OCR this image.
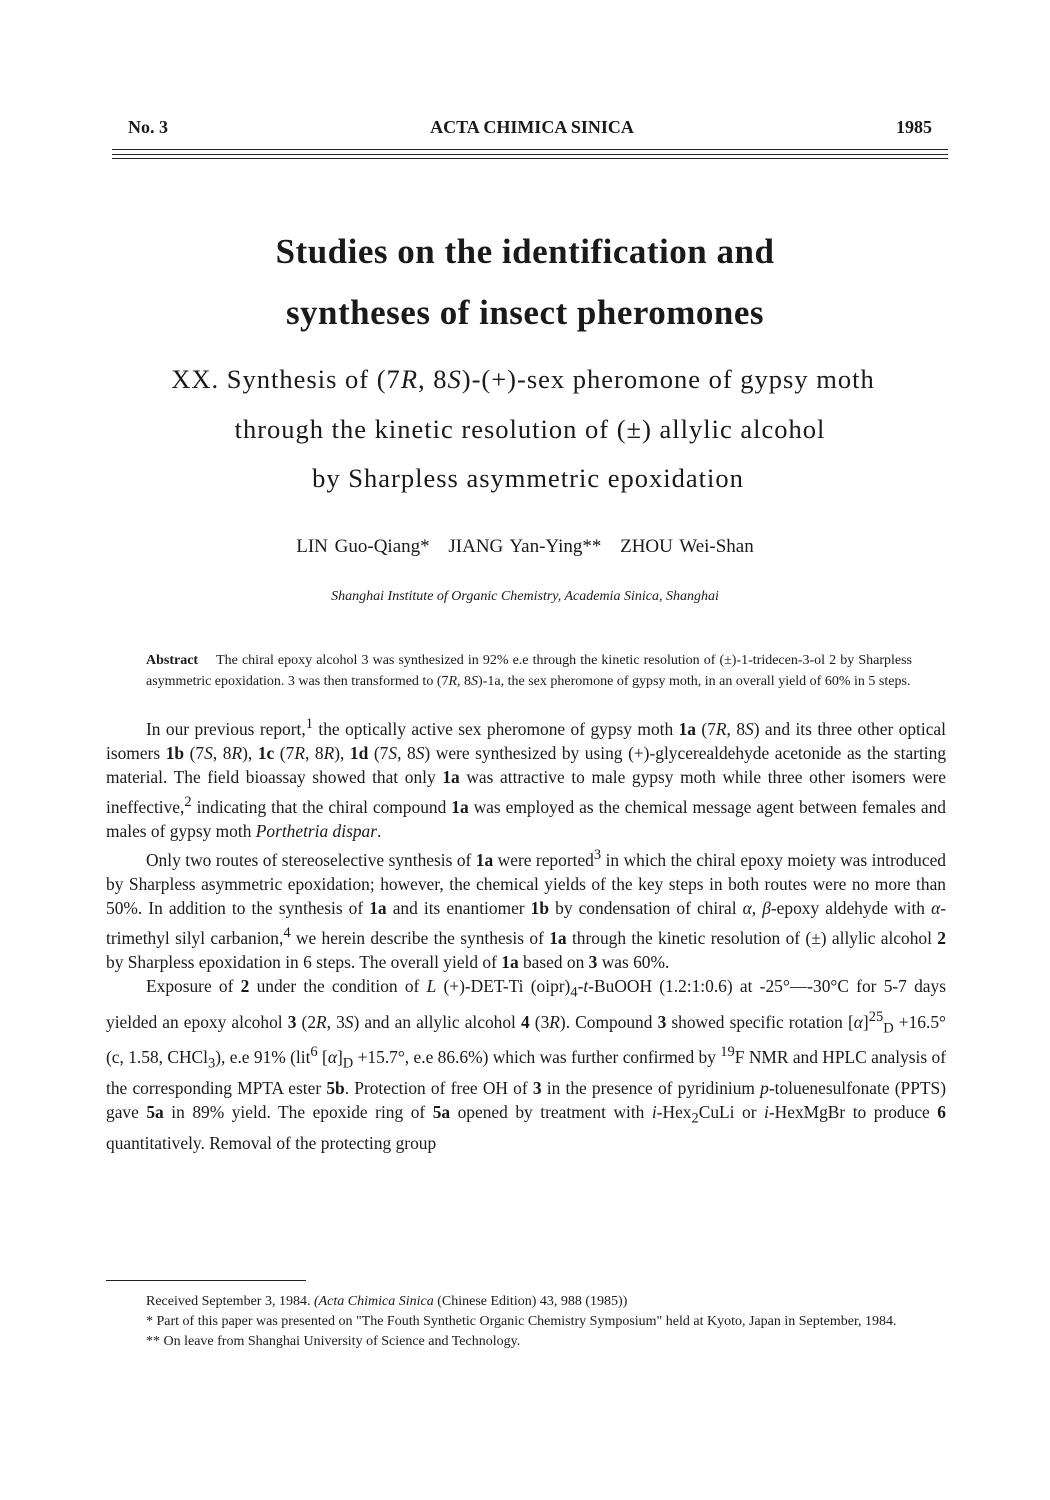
No. 3	ACTA CHIMICA SINICA	1985
Studies on the identification and
syntheses of insect pheromones
XX. Synthesis of (7R, 8S)-(+)-sex pheromone of gypsy moth
through the kinetic resolution of (±) allylic alcohol
by Sharpless asymmetric epoxidation
LIN Guo-Qiang* JIANG Yan-Ying** ZHOU Wei-Shan
Shanghai Institute of Organic Chemistry, Academia Sinica, Shanghai
Abstract The chiral epoxy alcohol 3 was synthesized in 92% e.e through the kinetic resolution of (±)-1-tridecen-3-ol 2 by Sharpless asymmetric epoxidation. 3 was then transformed to (7R, 8S)-1a, the sex pheromone of gypsy moth, in an overall yield of 60% in 5 steps.

In our previous report,$^1$ the optically active sex pheromone of gypsy moth 1a (7R, 8S) and its three other optical isomers 1b (7S, 8R), 1c (7R, 8R), 1d (7S, 8S) were synthesized by using (+)-glycerealdehyde acetonide as the starting material. The field bioassay showed that only 1a was attractive to male gypsy moth while three other isomers were ineffective,$^2$ indicating that the chiral compound 1a was employed as the chemical message agent between females and males of gypsy moth Porthetria dispar.

Only two routes of stereoselective synthesis of 1a were reported$^3$ in which the chiral epoxy moiety was introduced by Sharpless asymmetric epoxidation; however, the chemical yields of the key steps in both routes were no more than 50%. In addition to the synthesis of 1a and its enantiomer 1b by condensation of chiral α, β-epoxy aldehyde with α-trimethyl silyl carbanion,$^4$ we herein describe the synthesis of 1a through the kinetic resolution of (±) allylic alcohol 2 by Sharpless epoxidation in 6 steps. The overall yield of 1a based on 3 was 60%.

Exposure of 2 under the condition of L (+)-DET-Ti $(oipr)_4-t$-BuOOH (1.2:1:0.6) at -25°—-30°C for 5-7 days yielded an epoxy alcohol 3 (2R, 3S) and an allylic alcohol 4 (3R). Compound 3 showed specific rotation $[\alpha]^{25}_D +16.5^\circ$ (c, 1.58, CHCl$_3$), e.e 91% (lit$^6$ $[\alpha]_D +15.7^\circ$, e.e 86.6%) which was further confirmed by $^{19}$F NMR and HPLC analysis of the corresponding MPTA ester 5b. Protection of free OH of 3 in the presence of pyridinium p-toluenesulfonate (PPTS) gave 5a in 89% yield. The epoxide ring of 5a opened by treatment with i-Hex$_2$CuLi or i-HexMgBr to produce 6 quantitatively. Removal of the protecting group

Received September 3, 1984. (Acta Chimica Sinica (Chinese Edition) 43, 988 (1985))

* Part of this paper was presented on "The Fouth Synthetic Organic Chemistry Symposium" held at Kyoto, Japan in September, 1984.

** On leave from Shanghai University of Science and Technology.
